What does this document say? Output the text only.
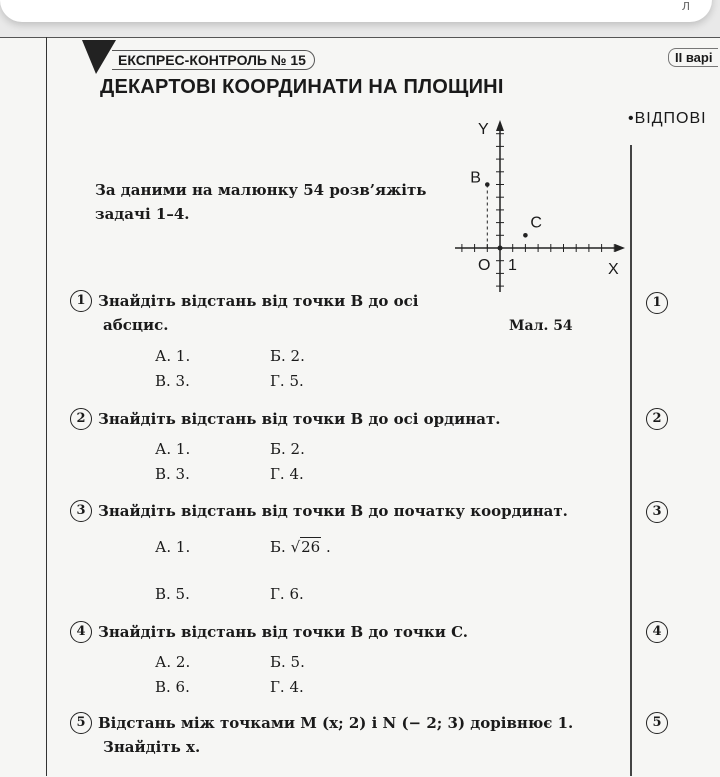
Л
ЕКСПРЕС-КОНТРОЛЬ № 15	II варі
ДЕКАРТОВІ КООРДИНАТИ НА ПЛОЩИНІ
•ВІДПОВІ
За даними на малюнку 54 розв’яжіть задачі 1–4.
B
C
O 1	X
Y
Мал. 54
1 Знайдіть відстань від точки B до осі
абсцис.
А. 1.	Б. 2.
В. 3.	Г. 5.
2 Знайдіть відстань від точки B до осі ординат.
А. 1.	Б. 2.
В. 3.	Г. 4.
3 Знайдіть відстань від точки B до початку координат.
А. 1.	Б. √26 .
В. 5.	Г. 6.
4 Знайдіть відстань від точки B до точки C.
А. 2.	Б. 5.
В. 6.	Г. 4.
5 Відстань між точками M (x; 2) і N (− 2; 3) дорівнює 1.
Знайдіть x.
1
2
3
4
5
